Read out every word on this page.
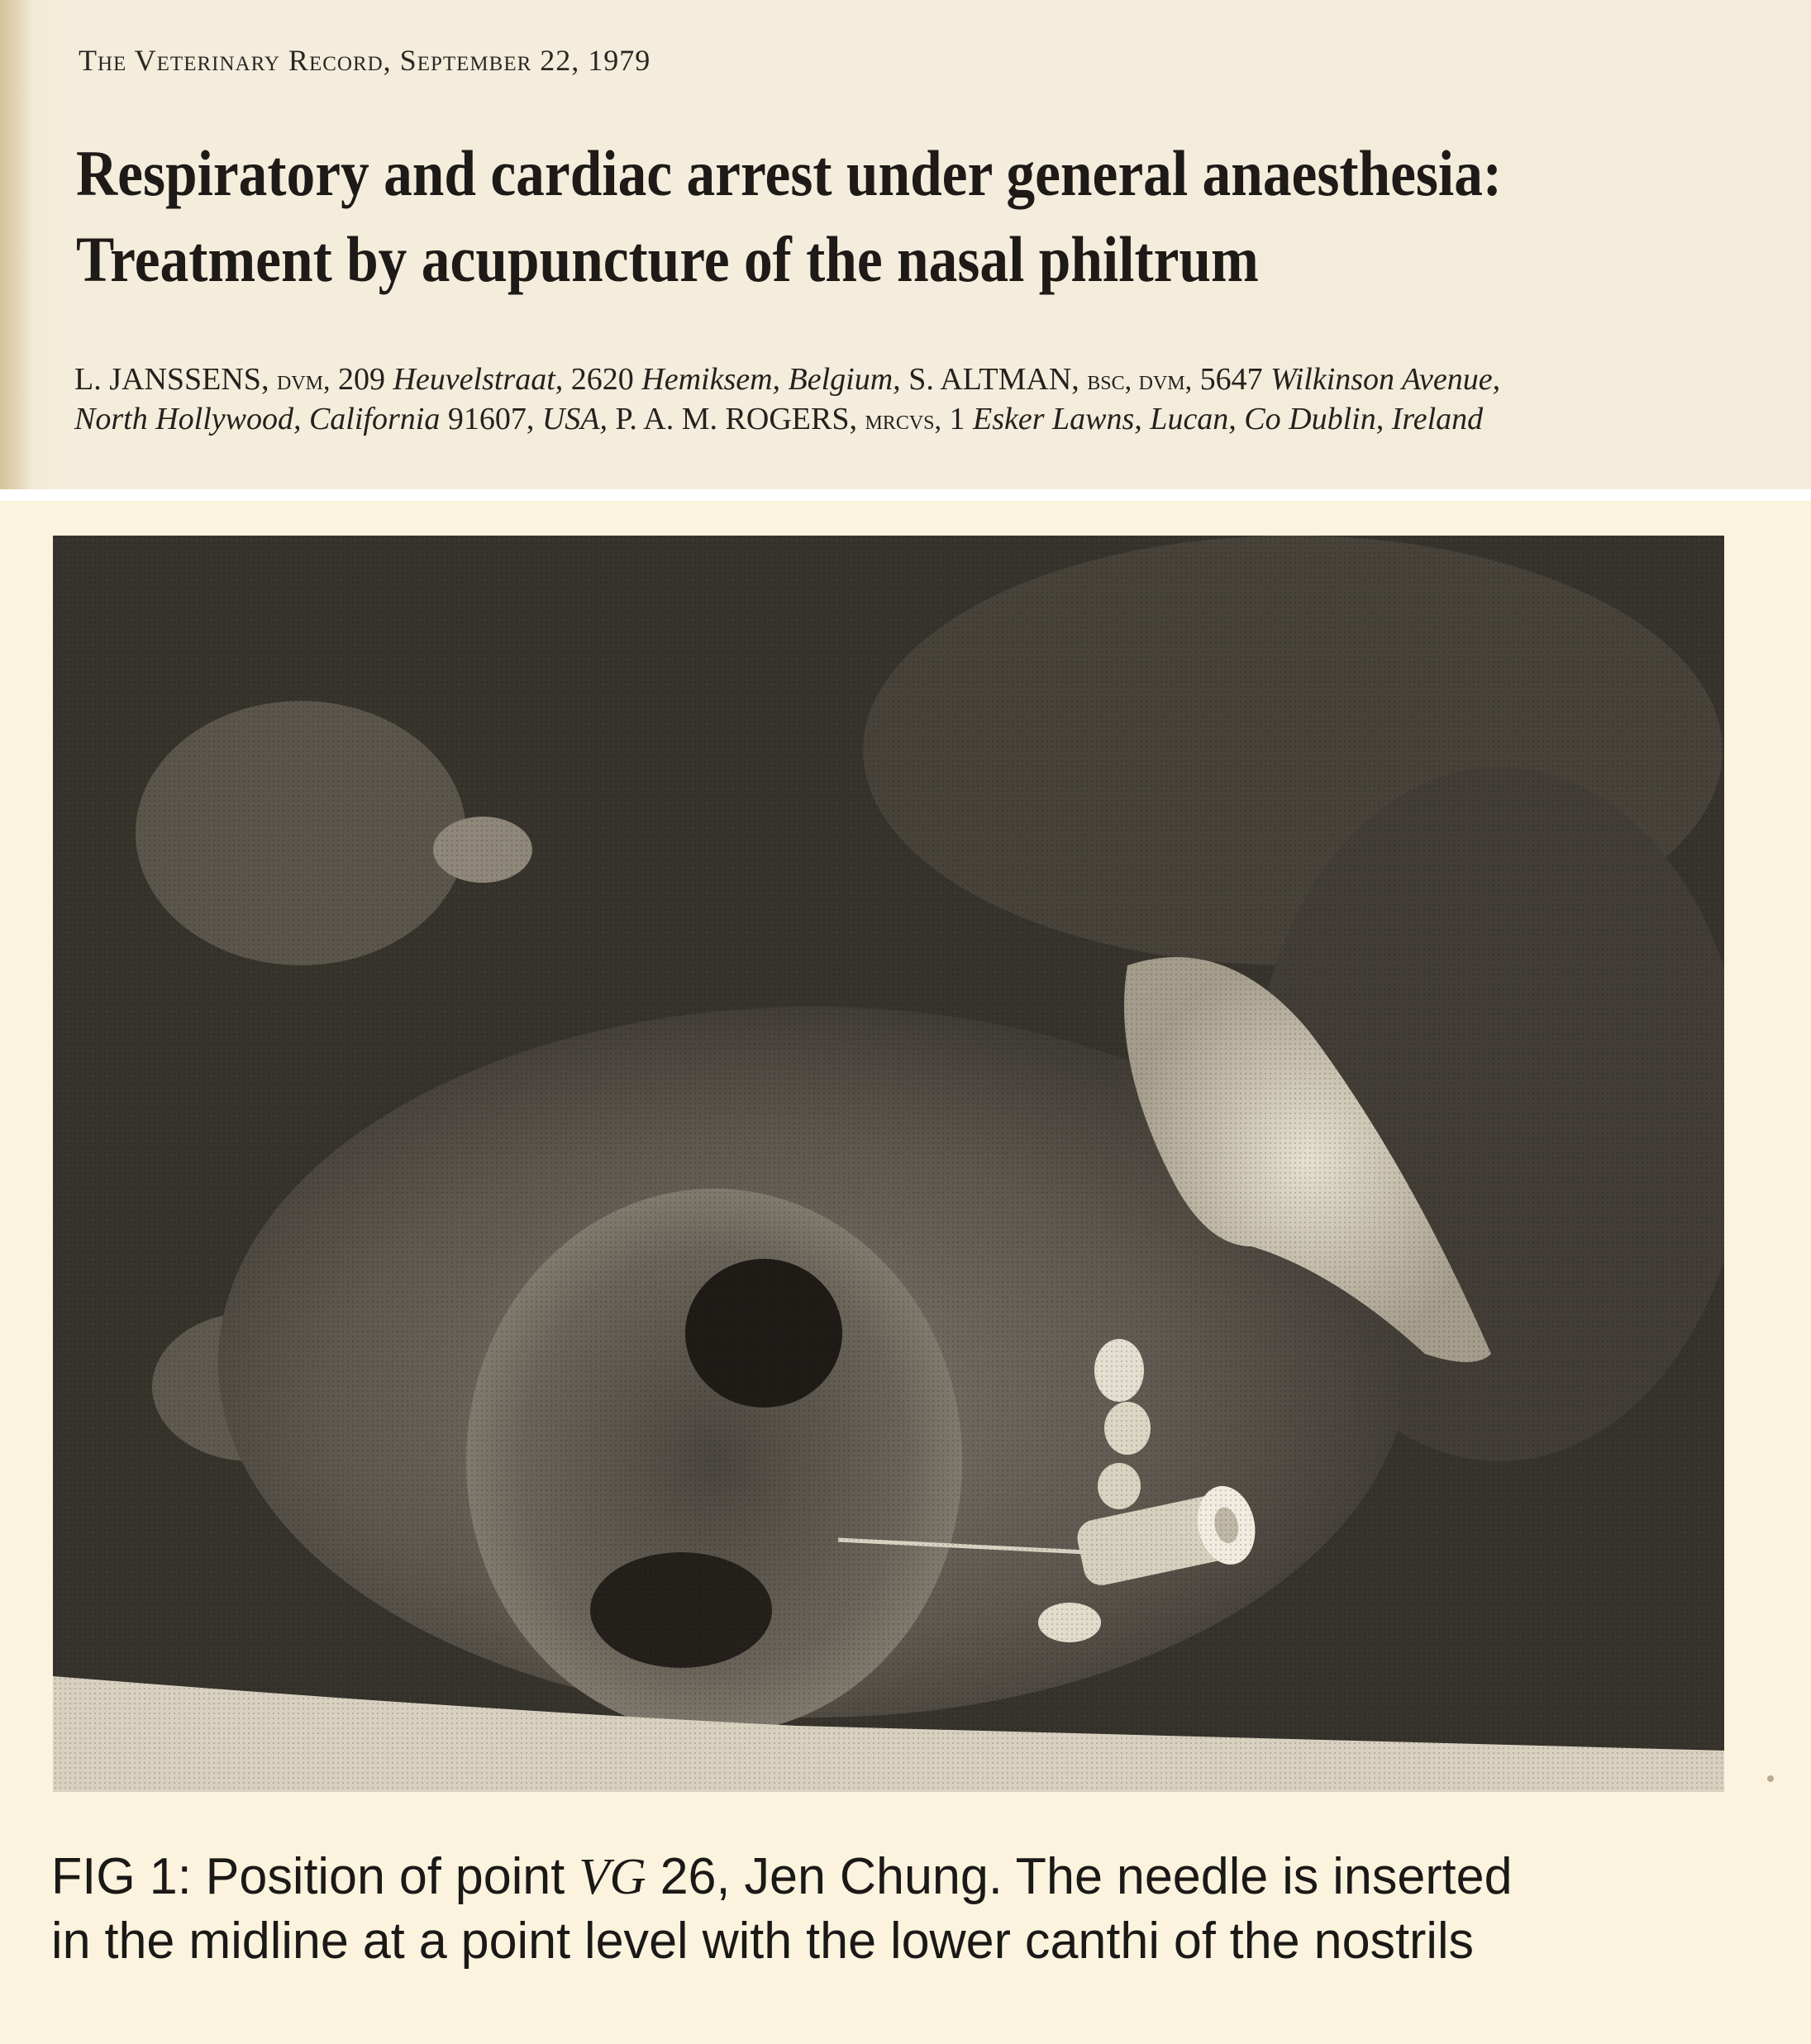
The Veterinary Record, September 22, 1979
Respiratory and cardiac arrest under general anaesthesia:
Treatment by acupuncture of the nasal philtrum
L. JANSSENS, dvm, 209 Heuvelstraat, 2620 Hemiksem, Belgium, S. ALTMAN, bsc, dvm, 5647 Wilkinson Avenue,
North Hollywood, California 91607, USA, P. A. M. ROGERS, mrcvs, 1 Esker Lawns, Lucan, Co Dublin, Ireland
FIG 1: Position of point VG 26, Jen Chung. The needle is inserted
in the midline at a point level with the lower canthi of the nostrils
